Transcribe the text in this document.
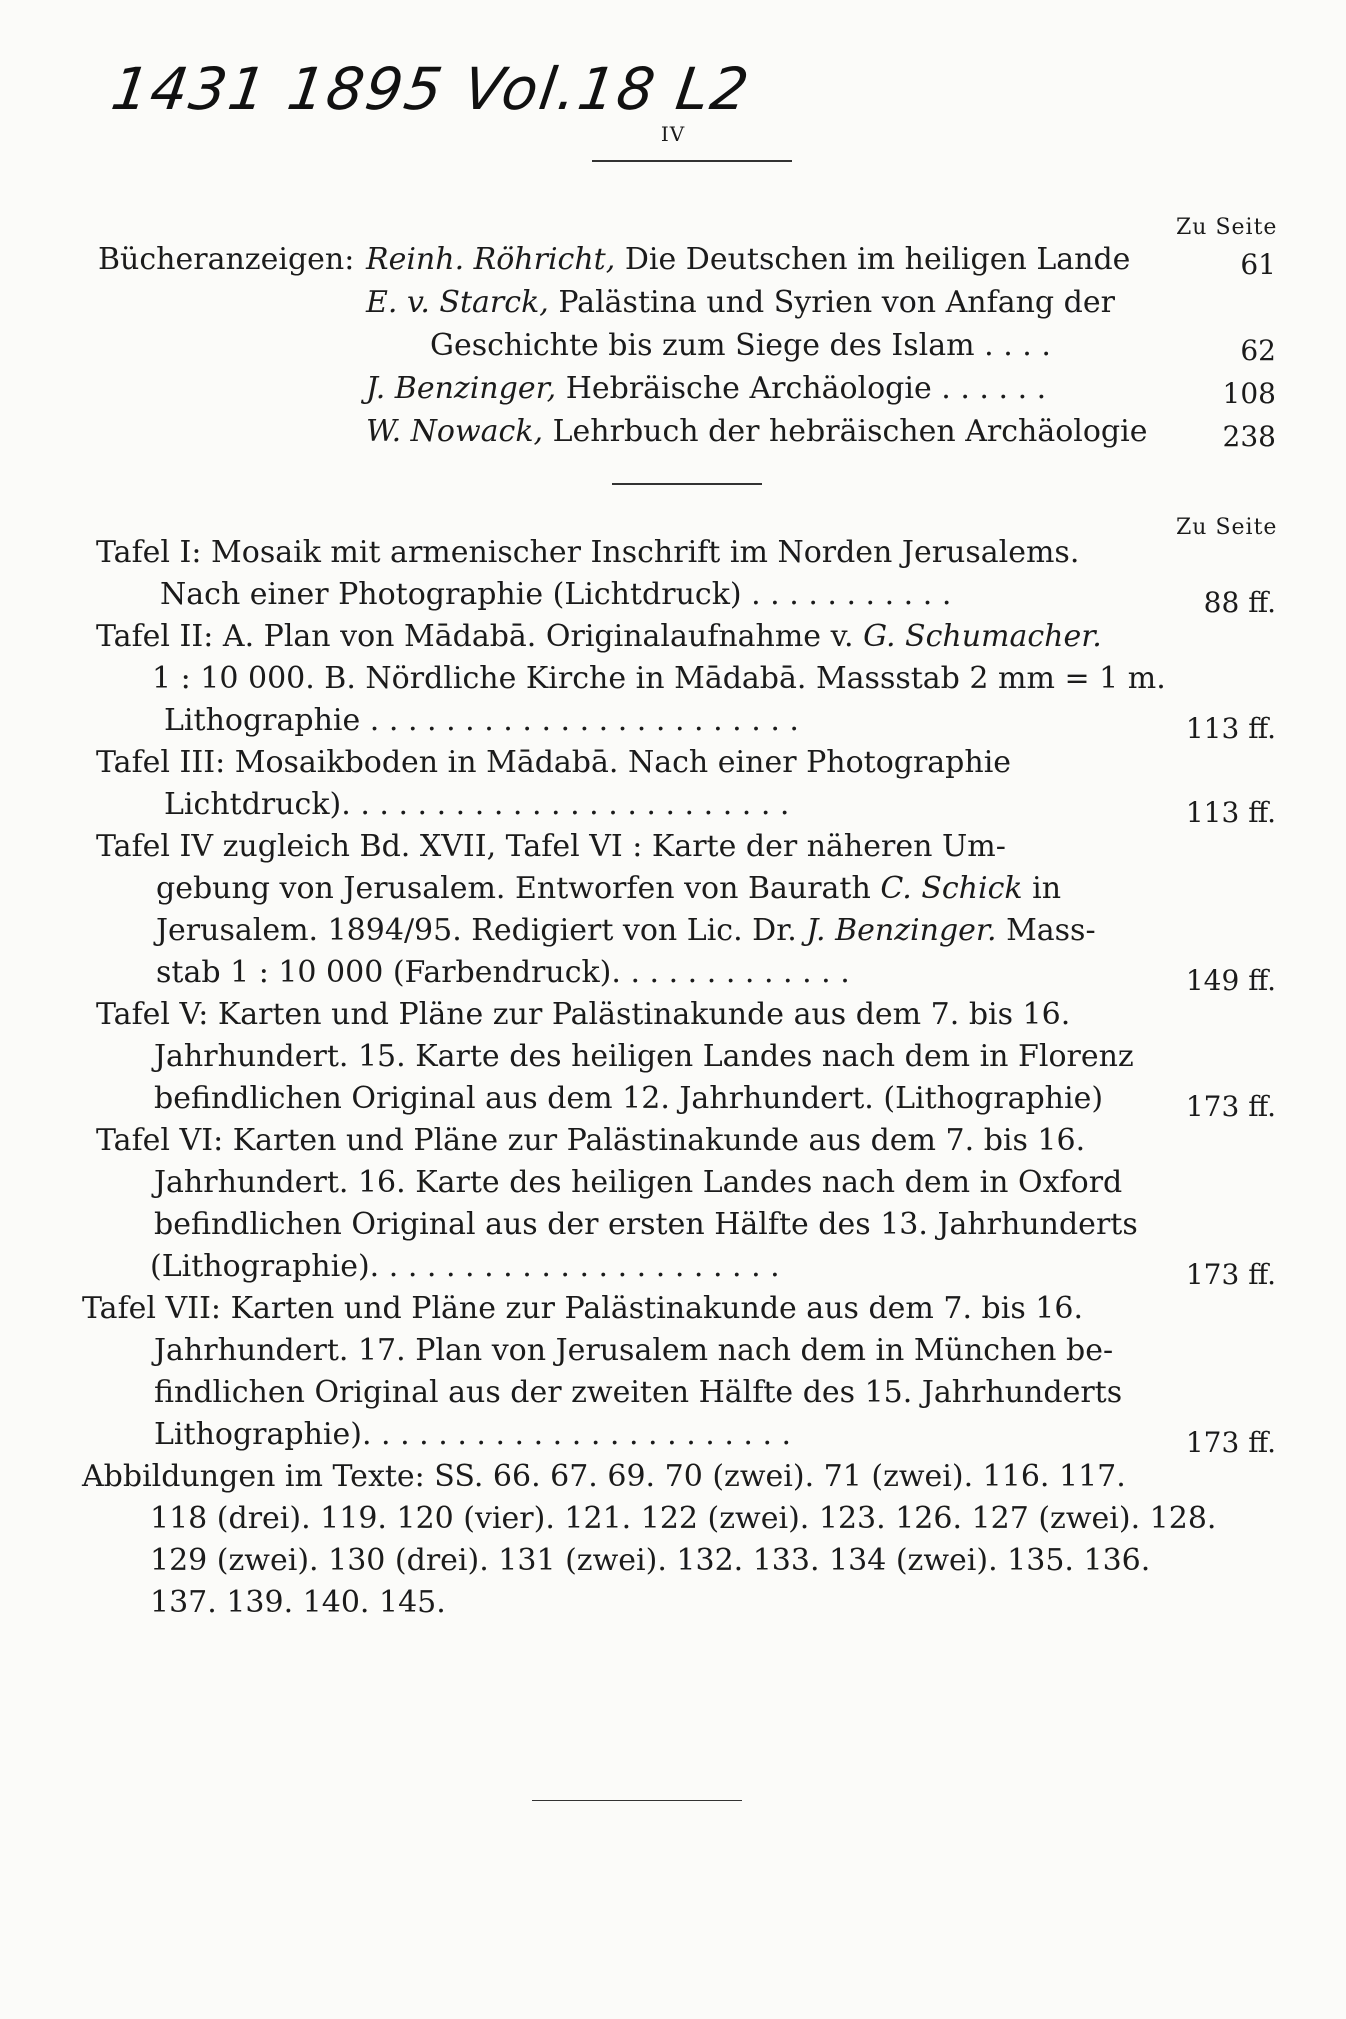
1431 1895 Vol.18 L2
IV
Zu Seite
Bücheranzeigen: Reinh. Röhricht, Die Deutschen im heiligen Lande	61
E. v. Starck, Palästina und Syrien von Anfang der
Geschichte bis zum Siege des Islam . . . .	62
J. Benzinger, Hebräische Archäologie . . . . . .	108
W. Nowack, Lehrbuch der hebräischen Archäologie	238
Zu Seite
Tafel I: Mosaik mit armenischer Inschrift im Norden Jerusalems.
Nach einer Photographie (Lichtdruck) . . . . . . . . . . .	88 ff.
Tafel II: A. Plan von Mādabā. Originalaufnahme v. G. Schumacher.
1 : 10 000. B. Nördliche Kirche in Mādabā. Massstab 2 mm = 1 m.
Lithographie . . . . . . . . . . . . . . . . . . . . . . .	113 ff.
Tafel III: Mosaikboden in Mādabā. Nach einer Photographie
Lichtdruck). . . . . . . . . . . . . . . . . . . . . . . .	113 ff.
Tafel IV zugleich Bd. XVII, Tafel VI : Karte der näheren Um-
gebung von Jerusalem. Entworfen von Baurath C. Schick in
Jerusalem. 1894/95. Redigiert von Lic. Dr. J. Benzinger. Mass-
stab 1 : 10 000 (Farbendruck). . . . . . . . . . . . .	149 ff.
Tafel V: Karten und Pläne zur Palästinakunde aus dem 7. bis 16.
Jahrhundert. 15. Karte des heiligen Landes nach dem in Florenz
befindlichen Original aus dem 12. Jahrhundert. (Lithographie)	173 ff.
Tafel VI: Karten und Pläne zur Palästinakunde aus dem 7. bis 16.
Jahrhundert. 16. Karte des heiligen Landes nach dem in Oxford
befindlichen Original aus der ersten Hälfte des 13. Jahrhunderts
(Lithographie). . . . . . . . . . . . . . . . . . . . . .	173 ff.
Tafel VII: Karten und Pläne zur Palästinakunde aus dem 7. bis 16.
Jahrhundert. 17. Plan von Jerusalem nach dem in München be-
findlichen Original aus der zweiten Hälfte des 15. Jahrhunderts
Lithographie). . . . . . . . . . . . . . . . . . . . . . .	173 ff.
Abbildungen im Texte: SS. 66. 67. 69. 70 (zwei). 71 (zwei). 116. 117.
118 (drei). 119. 120 (vier). 121. 122 (zwei). 123. 126. 127 (zwei). 128.
129 (zwei). 130 (drei). 131 (zwei). 132. 133. 134 (zwei). 135. 136.
137. 139. 140. 145.
